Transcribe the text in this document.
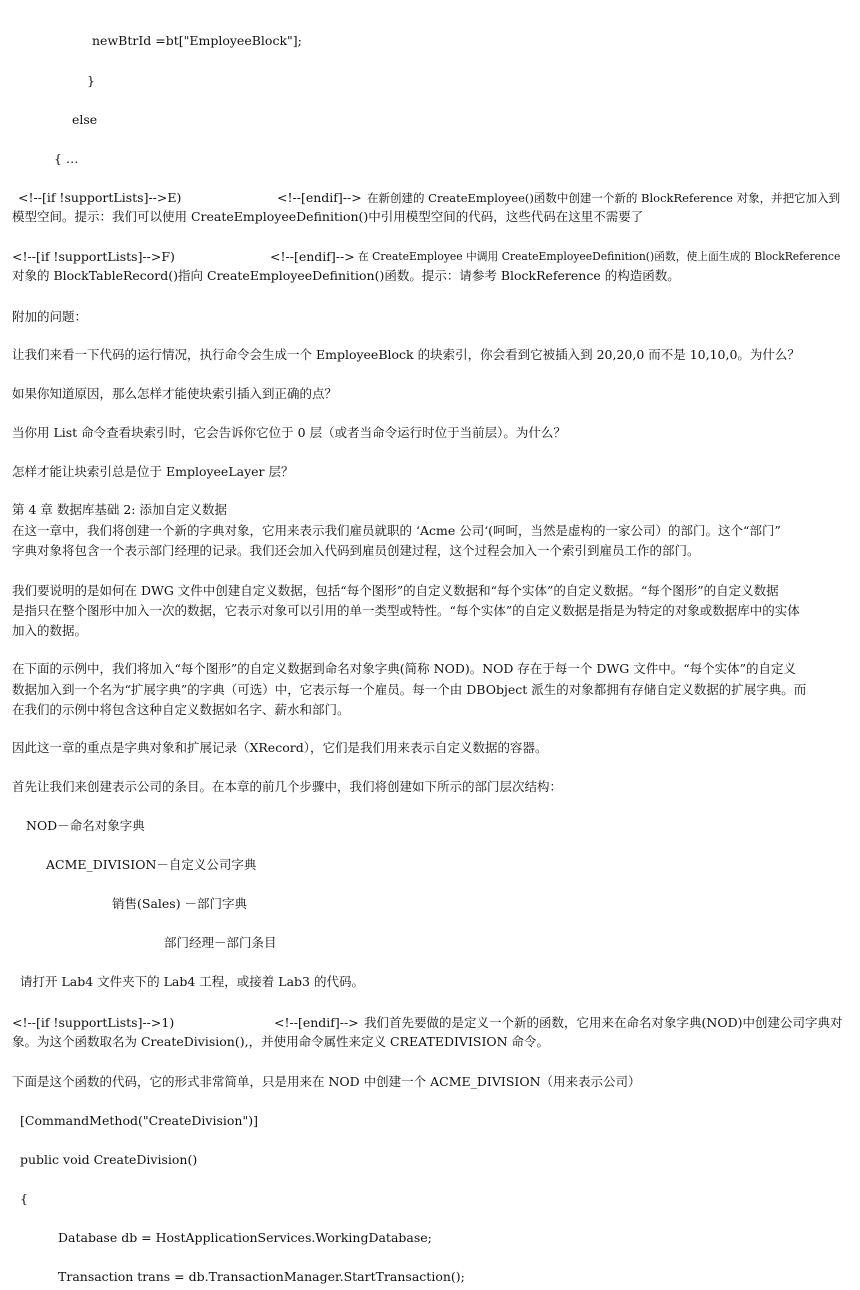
newBtrId =bt["EmployeeBlock"];
}
else
{ …
<!--[if !supportLists]-->E)	<!--[endif]--> 在新创建的 CreateEmployee()函数中创建一个新的 BlockReference 对象，并把它加入到
模型空间。提示：我们可以使用 CreateEmployeeDefinition()中引用模型空间的代码，这些代码在这里不需要了
<!--[if !supportLists]-->F)	<!--[endif]--> 在 CreateEmployee 中调用 CreateEmployeeDefinition()函数，使上面生成的 BlockReference
对象的 BlockTableRecord()指向 CreateEmployeeDefinition()函数。提示：请参考 BlockReference 的构造函数。
附加的问题：
让我们来看一下代码的运行情况，执行命令会生成一个 EmployeeBlock 的块索引，你会看到它被插入到 20,20,0 而不是 10,10,0。为什么？
如果你知道原因，那么怎样才能使块索引插入到正确的点？
当你用 List 命令查看块索引时，它会告诉你它位于 0 层（或者当命令运行时位于当前层）。为什么？
怎样才能让块索引总是位于 EmployeeLayer 层？
第 4 章 数据库基础 2: 添加自定义数据
在这一章中，我们将创建一个新的字典对象，它用来表示我们雇员就职的 ‘Acme 公司‘(呵呵，当然是虚构的一家公司）的部门。这个“部门”
字典对象将包含一个表示部门经理的记录。我们还会加入代码到雇员创建过程，这个过程会加入一个索引到雇员工作的部门。
我们要说明的是如何在 DWG 文件中创建自定义数据，包括“每个图形”的自定义数据和“每个实体”的自定义数据。“每个图形”的自定义数据
是指只在整个图形中加入一次的数据，它表示对象可以引用的单一类型或特性。“每个实体”的自定义数据是指是为特定的对象或数据库中的实体
加入的数据。
在下面的示例中，我们将加入“每个图形”的自定义数据到命名对象字典(简称 NOD)。NOD 存在于每一个 DWG 文件中。“每个实体”的自定义
数据加入到一个名为“扩展字典”的字典（可选）中，它表示每一个雇员。每一个由 DBObject 派生的对象都拥有存储自定义数据的扩展字典。而
在我们的示例中将包含这种自定义数据如名字、薪水和部门。
因此这一章的重点是字典对象和扩展记录（XRecord），它们是我们用来表示自定义数据的容器。
首先让我们来创建表示公司的条目。在本章的前几个步骤中，我们将创建如下所示的部门层次结构：
NOD－命名对象字典
ACME_DIVISION－自定义公司字典
销售(Sales) －部门字典
部门经理－部门条目
请打开 Lab4 文件夹下的 Lab4 工程，或接着 Lab3 的代码。
<!--[if !supportLists]-->1)	<!--[endif]--> 我们首先要做的是定义一个新的函数，它用来在命名对象字典(NOD)中创建公司字典对
象。为这个函数取名为 CreateDivision(),，并使用命令属性来定义 CREATEDIVISION 命令。
下面是这个函数的代码，它的形式非常简单，只是用来在 NOD 中创建一个 ACME_DIVISION（用来表示公司）
[CommandMethod("CreateDivision")]
public void CreateDivision()
{
Database db = HostApplicationServices.WorkingDatabase;
Transaction trans = db.TransactionManager.StartTransaction();
